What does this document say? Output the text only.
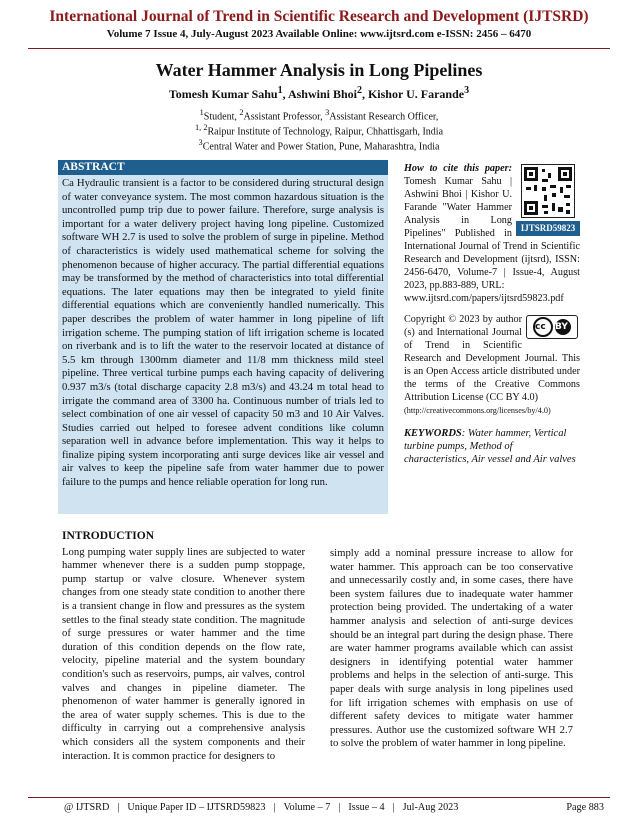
International Journal of Trend in Scientific Research and Development (IJTSRD)
Volume 7 Issue 4, July-August 2023 Available Online: www.ijtsrd.com e-ISSN: 2456 – 6470
Water Hammer Analysis in Long Pipelines
Tomesh Kumar Sahu$^1$, Ashwini Bhoi$^2$, Kishor U. Farande$^3$
$^1$Student, $^2$Assistant Professor, $^3$Assistant Research Officer,
$^{1, 2}$Raipur Institute of Technology, Raipur, Chhattisgarh, India
$^3$Central Water and Power Station, Pune, Maharashtra, India
ABSTRACT
Ca Hydraulic transient is a factor to be considered during structural design of water conveyance system. The most common hazardous situation is the uncontrolled pump trip due to power failure. Therefore, surge analysis is important for a water delivery project having long pipeline. Customized software WH 2.7 is used to solve the problem of surge in pipeline. Method of characteristics is widely used mathematical scheme for solving the phenomenon because of higher accuracy. The partial differential equations may be transformed by the method of characteristics into total differential equations. The later equations may then be integrated to yield finite differential equations which are conveniently handled numerically. This paper describes the problem of water hammer in long pipeline of lift irrigation scheme. The pumping station of lift irrigation scheme is located on riverbank and is to lift the water to the reservoir located at distance of 5.5 km through 1300mm diameter and 11/8 mm thickness mild steel pipeline. Three vertical turbine pumps each having capacity of delivering 0.937 m3/s (total discharge capacity 2.8 m3/s) and 43.24 m total head to irrigate the command area of 3300 ha. Continuous number of trials led to select combination of one air vessel of capacity 50 m3 and 10 Air Valves. Studies carried out helped to foresee advent conditions like column separation well in advance before implementation. This way it helps to finalize piping system incorporating anti surge devices like air vessel and air valves to keep the pipeline safe from water hammer due to power failure to the pumps and hence reliable operation for long run.
IJTSRD59823
How to cite this paper: Tomesh Kumar Sahu | Ashwini Bhoi | Kishor U. Farande "Water Hammer Analysis in Long Pipelines" Published in International Journal of Trend in Scientific Research and Development (ijtsrd), ISSN: 2456-6470, Volume-7 | Issue-4, August 2023, pp.883-889, URL:
www.ijtsrd.com/papers/ijtsrd59823.pdf
cc	BY
Copyright © 2023 by author (s) and International Journal of Trend in Scientific Research and Development Journal. This is an Open Access article distributed under the terms of the Creative Commons Attribution License (CC BY 4.0)
(http://creativecommons.org/licenses/by/4.0)
KEYWORDS: Water hammer, Vertical turbine pumps, Method of characteristics, Air vessel and Air valves
INTRODUCTION
Long pumping water supply lines are subjected to water hammer whenever there is a sudden pump stoppage, pump startup or valve closure. Whenever system changes from one steady state condition to another there is a transient change in flow and pressures as the system settles to the final steady state condition. The magnitude of surge pressures or water hammer and the time duration of this condition depends on the flow rate, velocity, pipeline material and the system boundary condition's such as reservoirs, pumps, air valves, control valves and changes in pipeline diameter. The phenomenon of water hammer is generally ignored in the area of water supply schemes. This is due to the difficulty in carrying out a comprehensive analysis which considers all the system components and their interaction. It is common practice for designers to
simply add a nominal pressure increase to allow for water hammer. This approach can be too conservative and unnecessarily costly and, in some cases, there have been system failures due to inadequate water hammer protection being provided. The undertaking of a water hammer analysis and selection of anti-surge devices should be an integral part during the design phase. There are water hammer programs available which can assist designers in identifying potential water hammer problems and helps in the selection of anti-surge. This paper deals with surge analysis in long pipelines used for lift irrigation schemes with emphasis on use of different safety devices to mitigate water hammer pressures. Author use the customized software WH 2.7 to solve the problem of water hammer in long pipeline.
@ IJTSRD | Unique Paper ID – IJTSRD59823 | Volume – 7 | Issue – 4 | Jul-Aug 2023	Page 883
